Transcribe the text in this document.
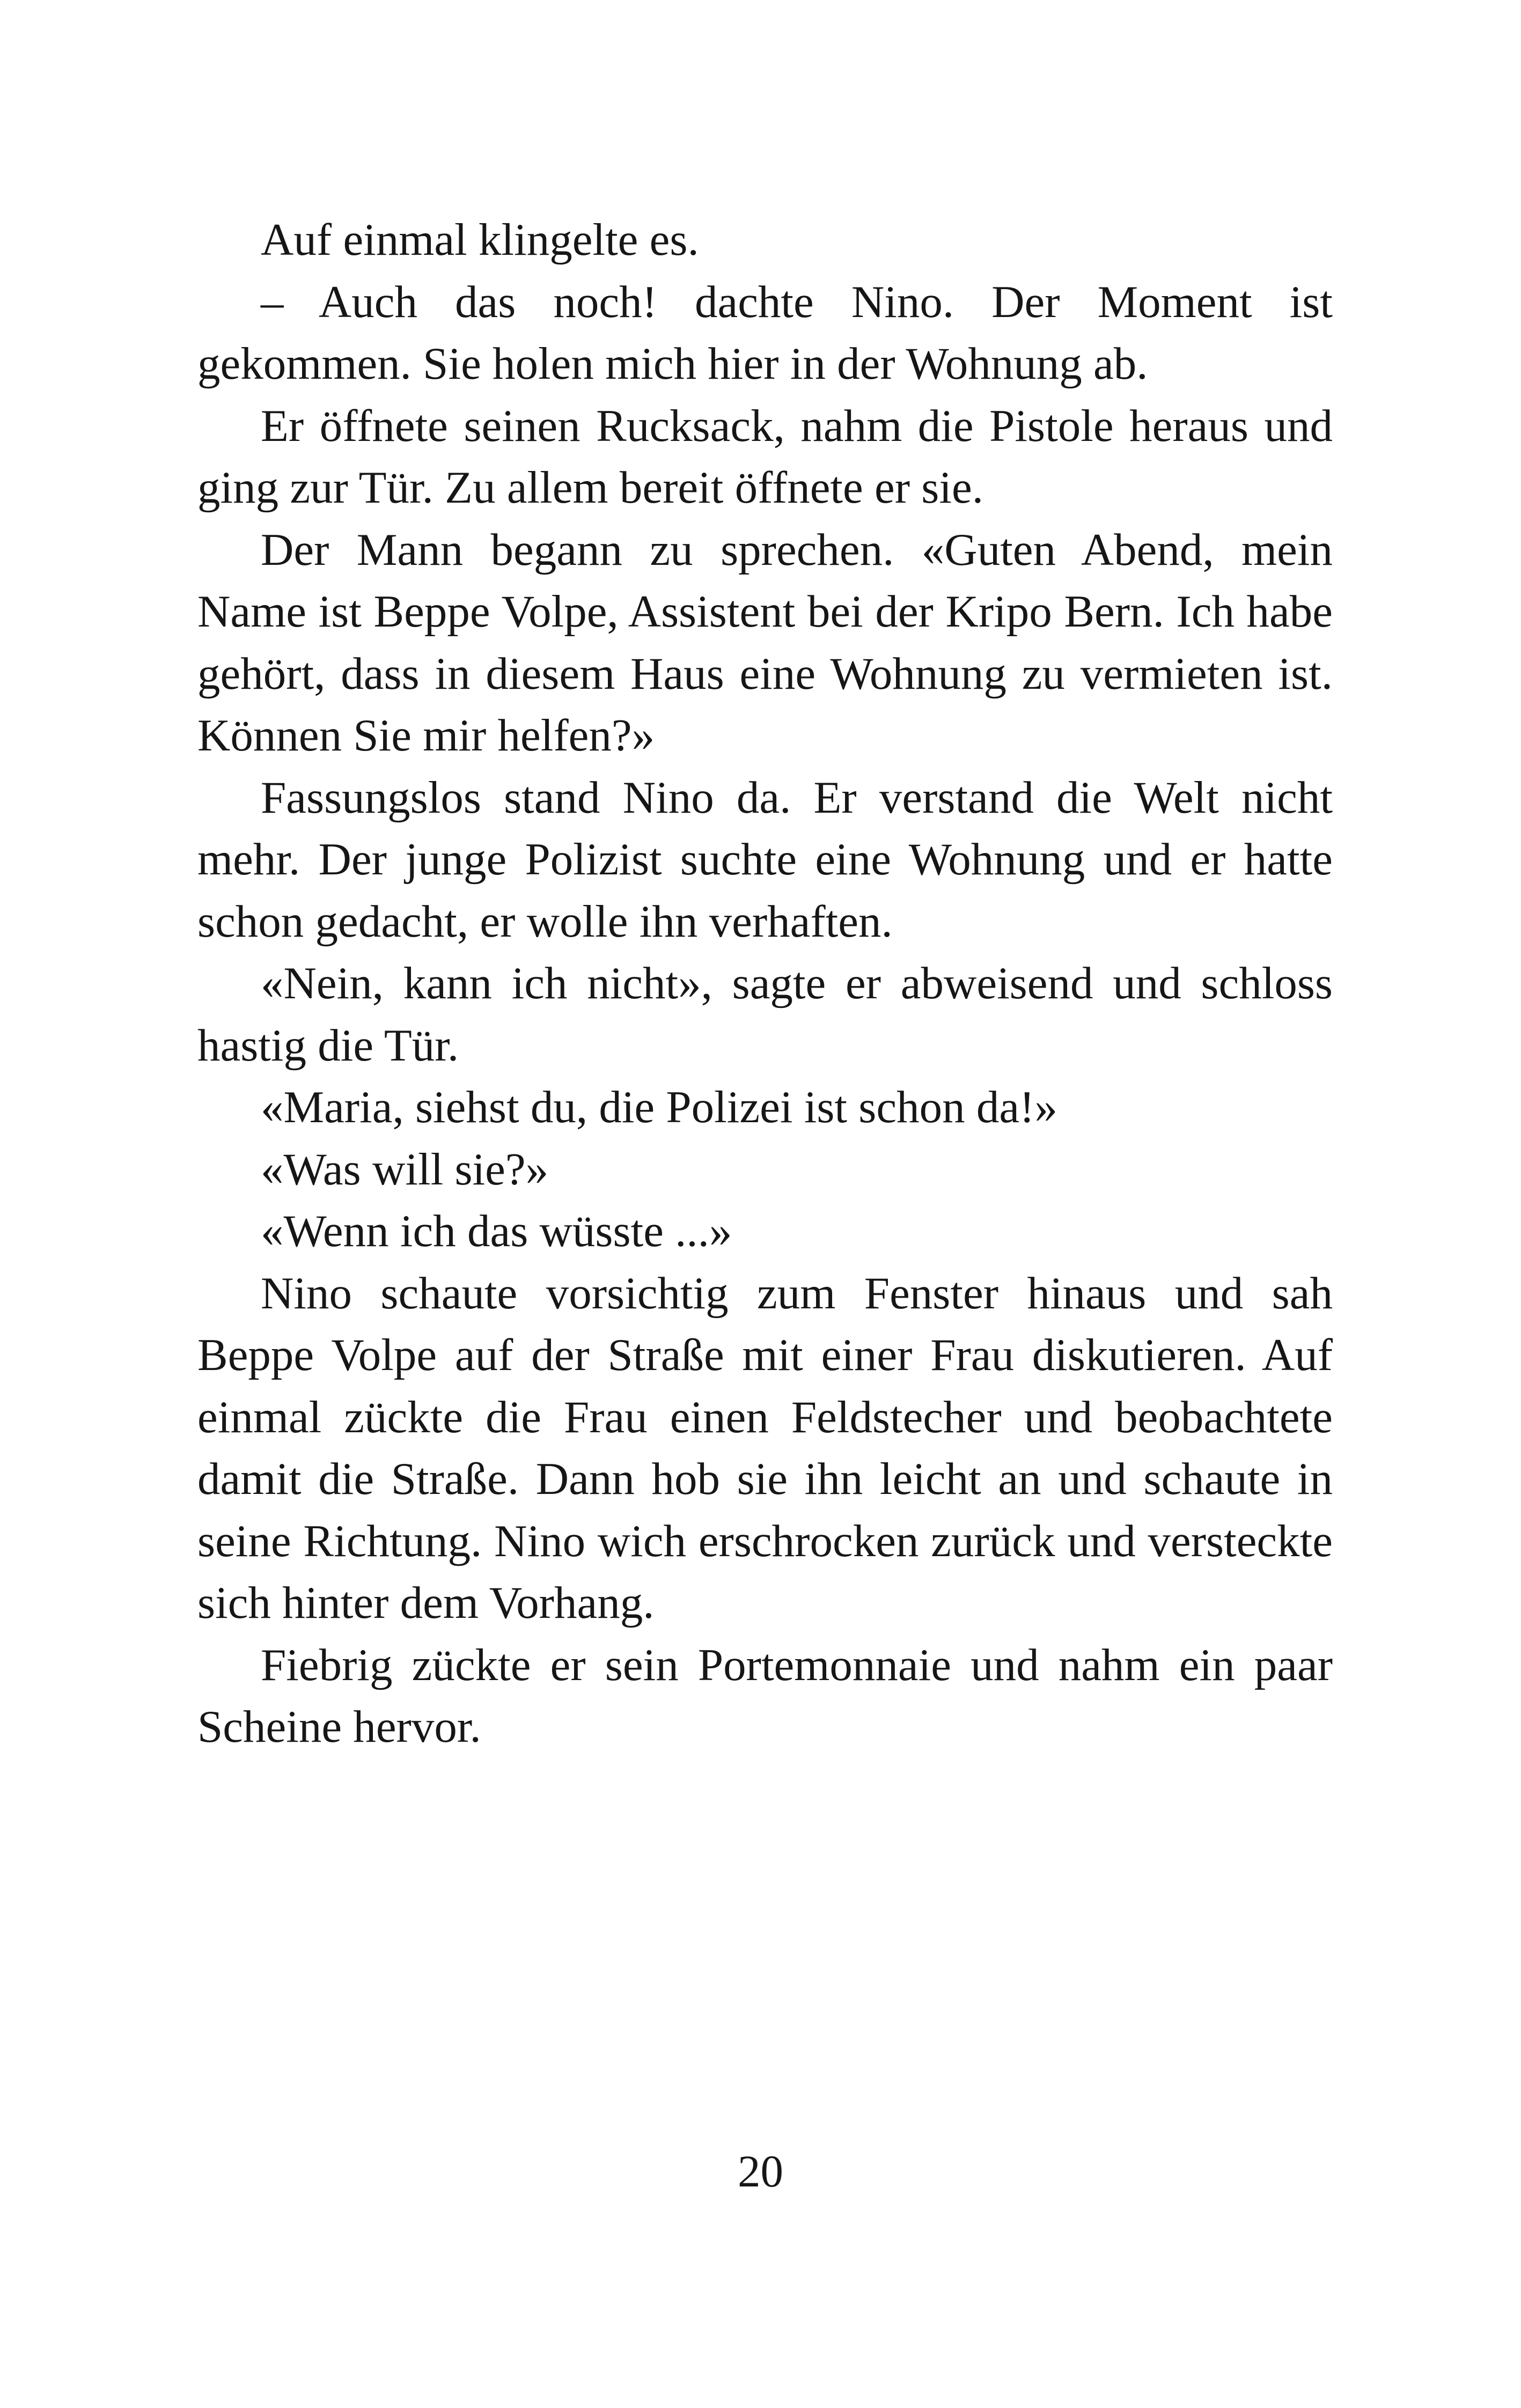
Auf einmal klingelte es.

– Auch das noch! dachte Nino. Der Moment ist gekommen. Sie holen mich hier in der Wohnung ab.

Er öffnete seinen Rucksack, nahm die Pistole heraus und ging zur Tür. Zu allem bereit öffnete er sie.

Der Mann begann zu sprechen. «Guten Abend, mein Name ist Beppe Volpe, Assistent bei der Kripo Bern. Ich habe gehört, dass in diesem Haus eine Wohnung zu vermieten ist. Können Sie mir helfen?»

Fassungslos stand Nino da. Er verstand die Welt nicht mehr. Der junge Polizist suchte eine Wohnung und er hatte schon gedacht, er wolle ihn verhaften.

«Nein, kann ich nicht», sagte er abweisend und schloss hastig die Tür.

«Maria, siehst du, die Polizei ist schon da!»

«Was will sie?»

«Wenn ich das wüsste ...»

Nino schaute vorsichtig zum Fenster hinaus und sah Beppe Volpe auf der Straße mit einer Frau diskutieren. Auf einmal zückte die Frau einen Feldstecher und beobachtete damit die Straße. Dann hob sie ihn leicht an und schaute in seine Richtung. Nino wich erschrocken zurück und versteckte sich hinter dem Vorhang.

Fiebrig zückte er sein Portemonnaie und nahm ein paar Scheine hervor.

20
